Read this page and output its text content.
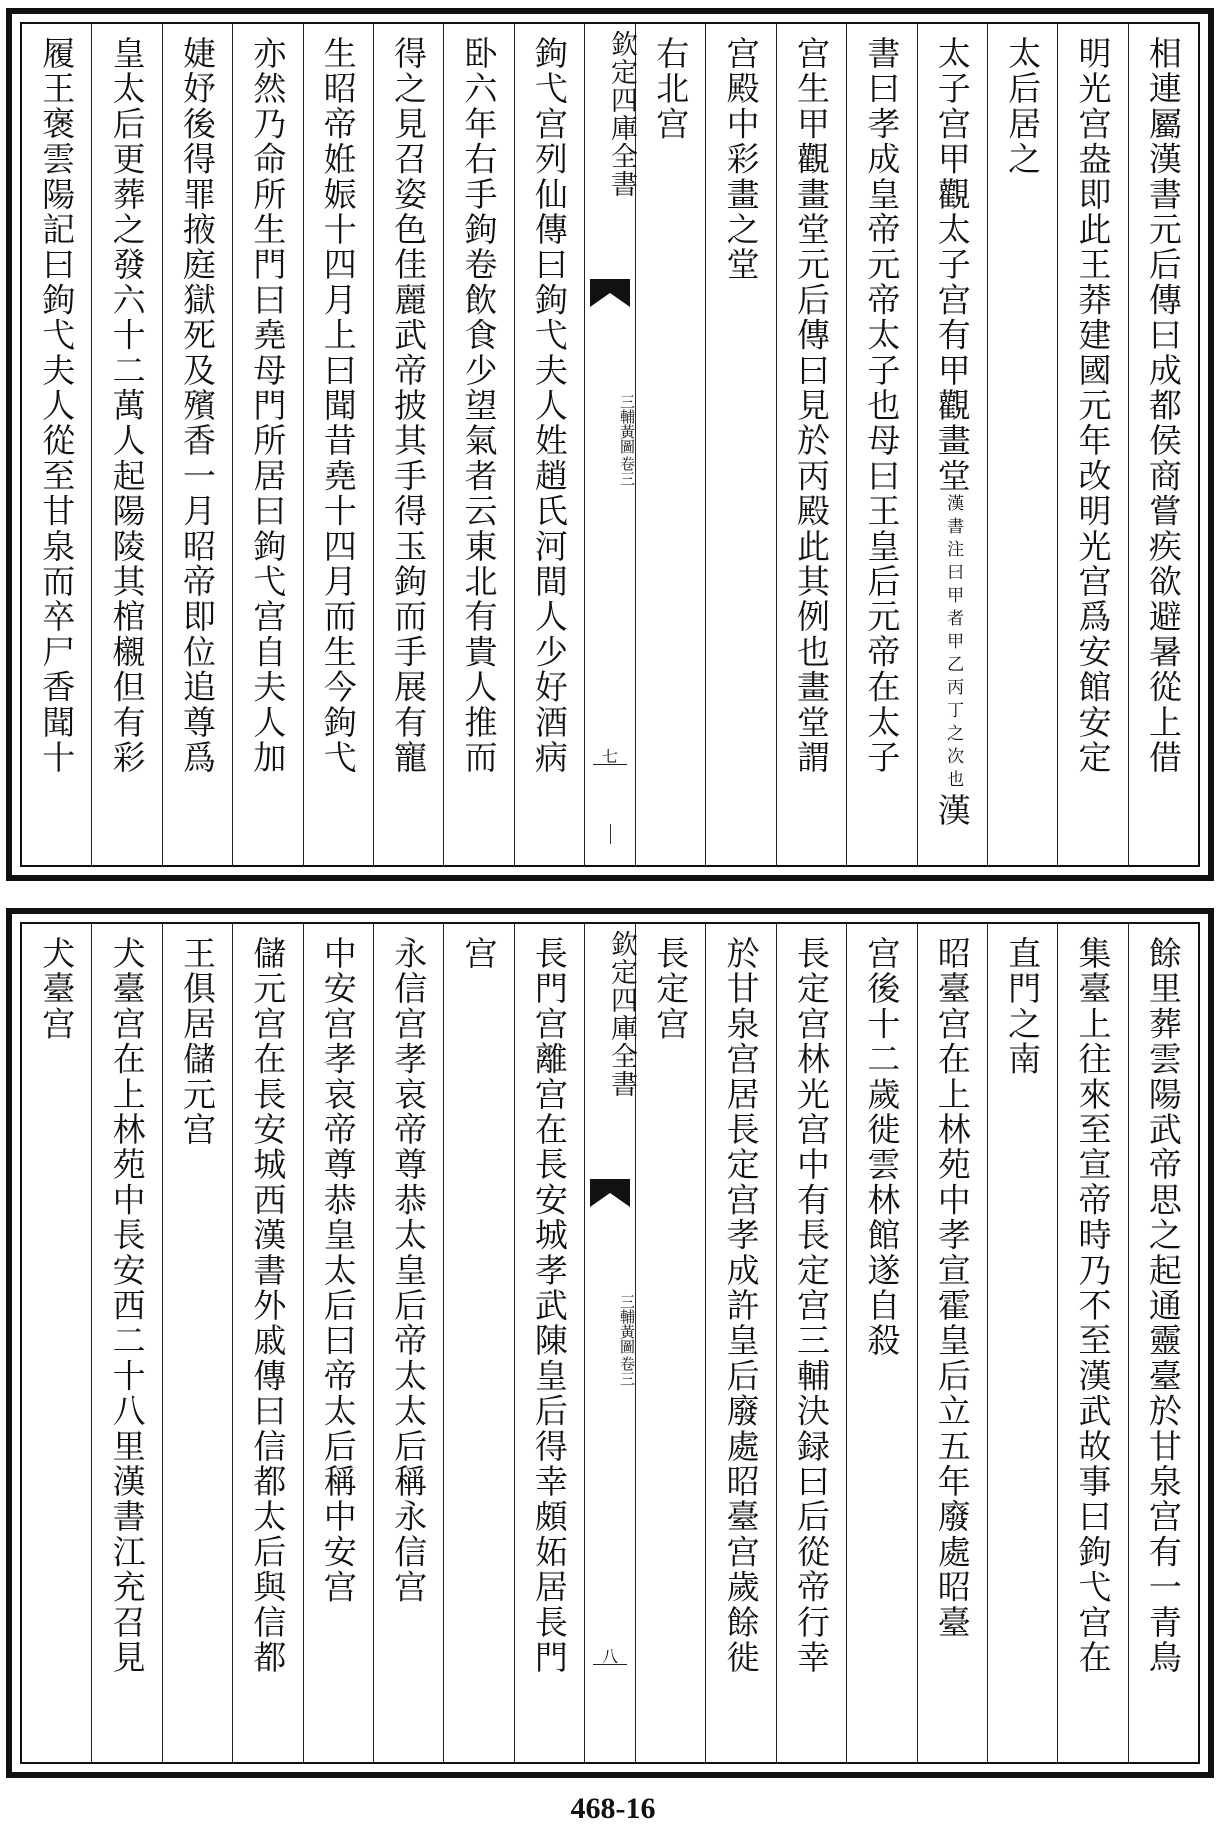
相連屬漢書元后傳曰成都侯商嘗疾欲避暑從上借
明光宫盎即此王莽建國元年改明光宫爲安館安定
太后居之
太子宫甲觀太子宫有甲觀畫堂
漢書注曰甲者甲乙丙丁之次也
漢
書曰孝成皇帝元帝太子也母曰王皇后元帝在太子
宫生甲觀畫堂元后傳曰見於丙殿此其例也畫堂謂
宫殿中彩畫之堂
右北宫
欽定四庫全書
三輔黃圖
卷三
七
鉤弋宫列仙傳曰鉤弋夫人姓趙氏河間人少好酒病
卧六年右手鉤卷飲食少望氣者云東北有貴人推而
得之見召姿色佳麗武帝披其手得玉鉤而手展有寵
生昭帝姙娠十四月上曰聞昔堯十四月而生今鉤弋
亦然乃命所生門曰堯母門所居曰鉤弋宫自夫人加
婕妤後得罪掖庭獄死及殯香一月昭帝即位追尊爲
皇太后更葬之發六十二萬人起陽陵其棺櫬但有彩
履王褒雲陽記曰鉤弋夫人從至甘泉而卒尸香聞十
餘里葬雲陽武帝思之起通靈臺於甘泉宫有一青鳥
集臺上往來至宣帝時乃不至漢武故事曰鉤弋宫在
直門之南
昭臺宫在上林苑中孝宣霍皇后立五年廢處昭臺
宫後十二歲徙雲林館遂自殺
長定宫林光宫中有長定宫三輔決録曰后從帝行幸
於甘泉宫居長定宫孝成許皇后廢處昭臺宫歲餘徙
長定宫
欽定四庫全書
三輔黃圖
卷三
八
長門宫離宫在長安城孝武陳皇后得幸頗妬居長門
宫
永信宫孝哀帝尊恭太皇后帝太太后稱永信宫
中安宫孝哀帝尊恭皇太后曰帝太后稱中安宫
儲元宫在長安城西漢書外戚傳曰信都太后與信都
王俱居儲元宫
犬臺宫在上林苑中長安西二十八里漢書江充召見
犬臺宫
468-16
